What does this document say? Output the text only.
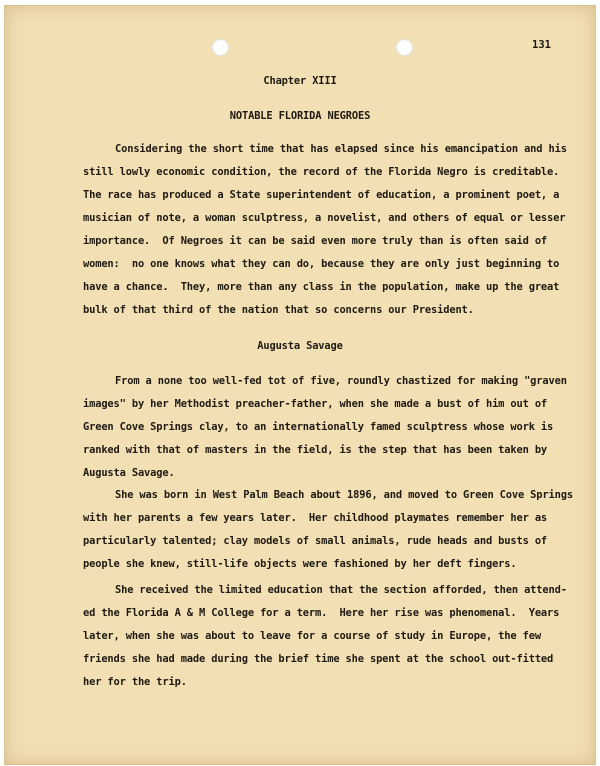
131
Chapter XIII
NOTABLE FLORIDA NEGROES
Considering the short time that has elapsed since his emancipation and his
still lowly economic condition, the record of the Florida Negro is creditable.
The race has produced a State superintendent of education, a prominent poet, a
musician of note, a woman sculptress, a novelist, and others of equal or lesser
importance.  Of Negroes it can be said even more truly than is often said of
women:  no one knows what they can do, because they are only just beginning to
have a chance.  They, more than any class in the population, make up the great
bulk of that third of the nation that so concerns our President.
Augusta Savage
From a none too well-fed tot of five, roundly chastized for making "graven
images" by her Methodist preacher-father, when she made a bust of him out of
Green Cove Springs clay, to an internationally famed sculptress whose work is
ranked with that of masters in the field, is the step that has been taken by
Augusta Savage.
She was born in West Palm Beach about 1896, and moved to Green Cove Springs
with her parents a few years later.  Her childhood playmates remember her as
particularly talented; clay models of small animals, rude heads and busts of
people she knew, still-life objects were fashioned by her deft fingers.
She received the limited education that the section afforded, then attend-
ed the Florida A & M College for a term.  Here her rise was phenomenal.  Years
later, when she was about to leave for a course of study in Europe, the few
friends she had made during the brief time she spent at the school out-fitted
her for the trip.
